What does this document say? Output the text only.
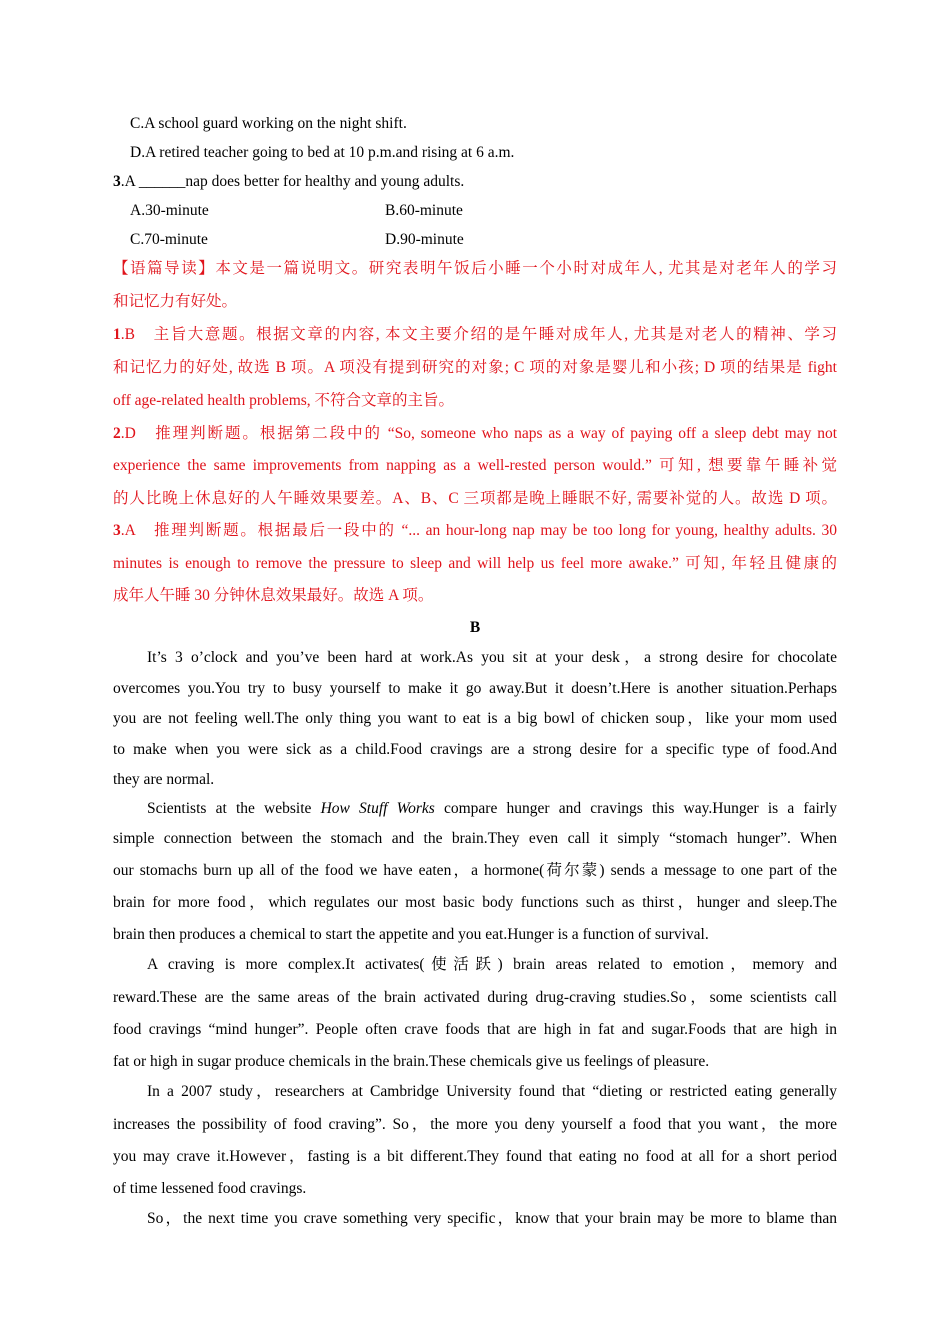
C.A school guard working on the night shift.
D.A retired teacher going to bed at 10 p.m.and rising at 6 a.m.
3.A ______nap does better for healthy and young adults.
A.30-minute	B.60-minute
C.70-minute	D.90-minute
【语篇导读】本文是一篇说明文。研究表明午饭后小睡一个小时对成年人, 尤其是对老年人的学习
和记忆力有好处。
1.B　主旨大意题。根据文章的内容, 本文主要介绍的是午睡对成年人, 尤其是对老人的精神、学习
和记忆力的好处, 故选 B 项。A 项没有提到研究的对象; C 项的对象是婴儿和小孩; D 项的结果是 fight
off age-related health problems, 不符合文章的主旨。
2.D　推理判断题。根据第二段中的 “So, someone who naps as a way of paying off a sleep debt may not
experience the same improvements from napping as a well-rested person would.” 可知, 想要靠午睡补觉
的人比晚上休息好的人午睡效果要差。A、B、C 三项都是晚上睡眠不好, 需要补觉的人。故选 D 项。
3.A　推理判断题。根据最后一段中的 “... an hour-long nap may be too long for young, healthy adults. 30
minutes is enough to remove the pressure to sleep and will help us feel more awake.” 可知, 年轻且健康的
成年人午睡 30 分钟休息效果最好。故选 A 项。
B
It’s 3 o’clock and you’ve been hard at work.As you sit at your desk，a strong desire for chocolate
overcomes you.You try to busy yourself to make it go away.But it doesn’t.Here is another situation.Perhaps
you are not feeling well.The only thing you want to eat is a big bowl of chicken soup，like your mom used
to make when you were sick as a child.Food cravings are a strong desire for a specific type of food.And
they are normal.
Scientists at the website How Stuff Works compare hunger and cravings this way.Hunger is a fairly
simple connection between the stomach and the brain.They even call it simply “stomach hunger”. When
our stomachs burn up all of the food we have eaten，a hormone(荷尔蒙) sends a message to one part of the
brain for more food，which regulates our most basic body functions such as thirst，hunger and sleep.The
brain then produces a chemical to start the appetite and you eat.Hunger is a function of survival.
A craving is more complex.It activates(使活跃) brain areas related to emotion，memory and
reward.These are the same areas of the brain activated during drug-craving studies.So，some scientists call
food cravings “mind hunger”. People often crave foods that are high in fat and sugar.Foods that are high in
fat or high in sugar produce chemicals in the brain.These chemicals give us feelings of pleasure.
In a 2007 study，researchers at Cambridge University found that “dieting or restricted eating generally
increases the possibility of food craving”. So，the more you deny yourself a food that you want，the more
you may crave it.However，fasting is a bit different.They found that eating no food at all for a short period
of time lessened food cravings.
So，the next time you crave something very specific，know that your brain may be more to blame than
